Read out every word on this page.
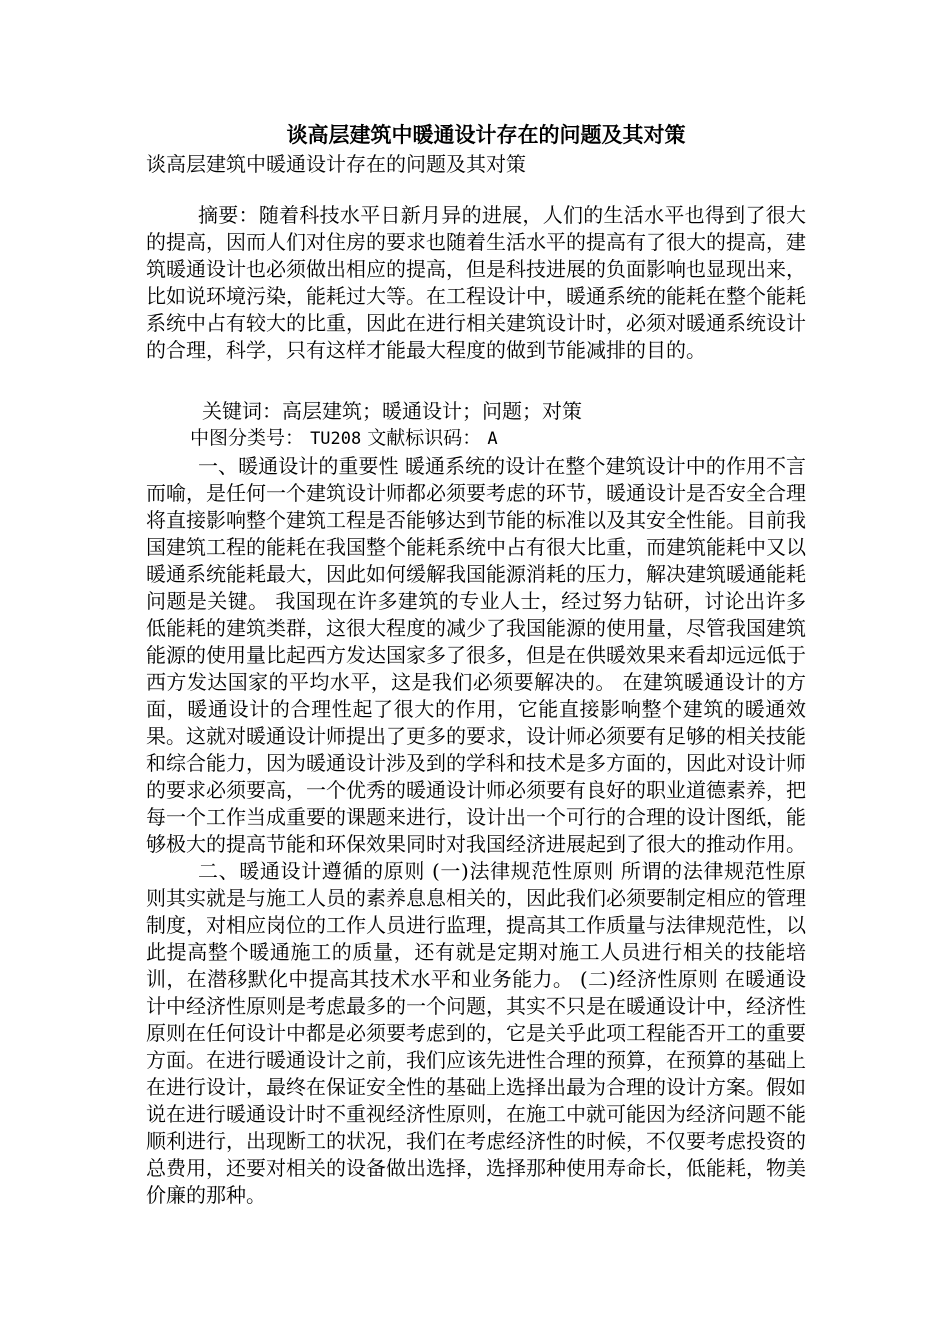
谈高层建筑中暖通设计存在的问题及其对策

谈高层建筑中暖通设计存在的问题及其对策

摘要：随着科技水平日新月异的进展，人们的生活水平也得到了很大的提高，因而人们对住房的要求也随着生活水平的提高有了很大的提高，建筑暖通设计也必须做出相应的提高，但是科技进展的负面影响也显现出来，比如说环境污染，能耗过大等。在工程设计中，暖通系统的能耗在整个能耗系统中占有较大的比重，因此在进行相关建筑设计时，必须对暖通系统设计的合理，科学，只有这样才能最大程度的做到节能减排的目的。

关键词：高层建筑；暖通设计；问题；对策

中图分类号： TU208 文献标识码： A

一、暖通设计的重要性 暖通系统的设计在整个建筑设计中的作用不言而喻，是任何一个建筑设计师都必须要考虑的环节，暖通设计是否安全合理将直接影响整个建筑工程是否能够达到节能的标准以及其安全性能。目前我国建筑工程的能耗在我国整个能耗系统中占有很大比重，而建筑能耗中又以暖通系统能耗最大，因此如何缓解我国能源消耗的压力，解决建筑暖通能耗问题是关键。 我国现在许多建筑的专业人士，经过努力钻研，讨论出许多低能耗的建筑类群，这很大程度的减少了我国能源的使用量，尽管我国建筑能源的使用量比起西方发达国家多了很多，但是在供暖效果来看却远远低于西方发达国家的平均水平，这是我们必须要解决的。 在建筑暖通设计的方面，暖通设计的合理性起了很大的作用，它能直接影响整个建筑的暖通效果。这就对暖通设计师提出了更多的要求，设计师必须要有足够的相关技能和综合能力，因为暖通设计涉及到的学科和技术是多方面的，因此对设计师的要求必须要高，一个优秀的暖通设计师必须要有良好的职业道德素养，把每一个工作当成重要的课题来进行，设计出一个可行的合理的设计图纸，能够极大的提高节能和环保效果同时对我国经济进展起到了很大的推动作用。

二、暖通设计遵循的原则 (一)法律规范性原则 所谓的法律规范性原则其实就是与施工人员的素养息息相关的，因此我们必须要制定相应的管理制度，对相应岗位的工作人员进行监理，提高其工作质量与法律规范性，以此提高整个暖通施工的质量，还有就是定期对施工人员进行相关的技能培训，在潜移默化中提高其技术水平和业务能力。 (二)经济性原则 在暖通设计中经济性原则是考虑最多的一个问题，其实不只是在暖通设计中，经济性原则在任何设计中都是必须要考虑到的，它是关乎此项工程能否开工的重要方面。在进行暖通设计之前，我们应该先进性合理的预算，在预算的基础上在进行设计，最终在保证安全性的基础上选择出最为合理的设计方案。假如说在进行暖通设计时不重视经济性原则，在施工中就可能因为经济问题不能顺利进行，出现断工的状况，我们在考虑经济性的时候，不仅要考虑投资的总费用，还要对相关的设备做出选择，选择那种使用寿命长，低能耗，物美价廉的那种。
